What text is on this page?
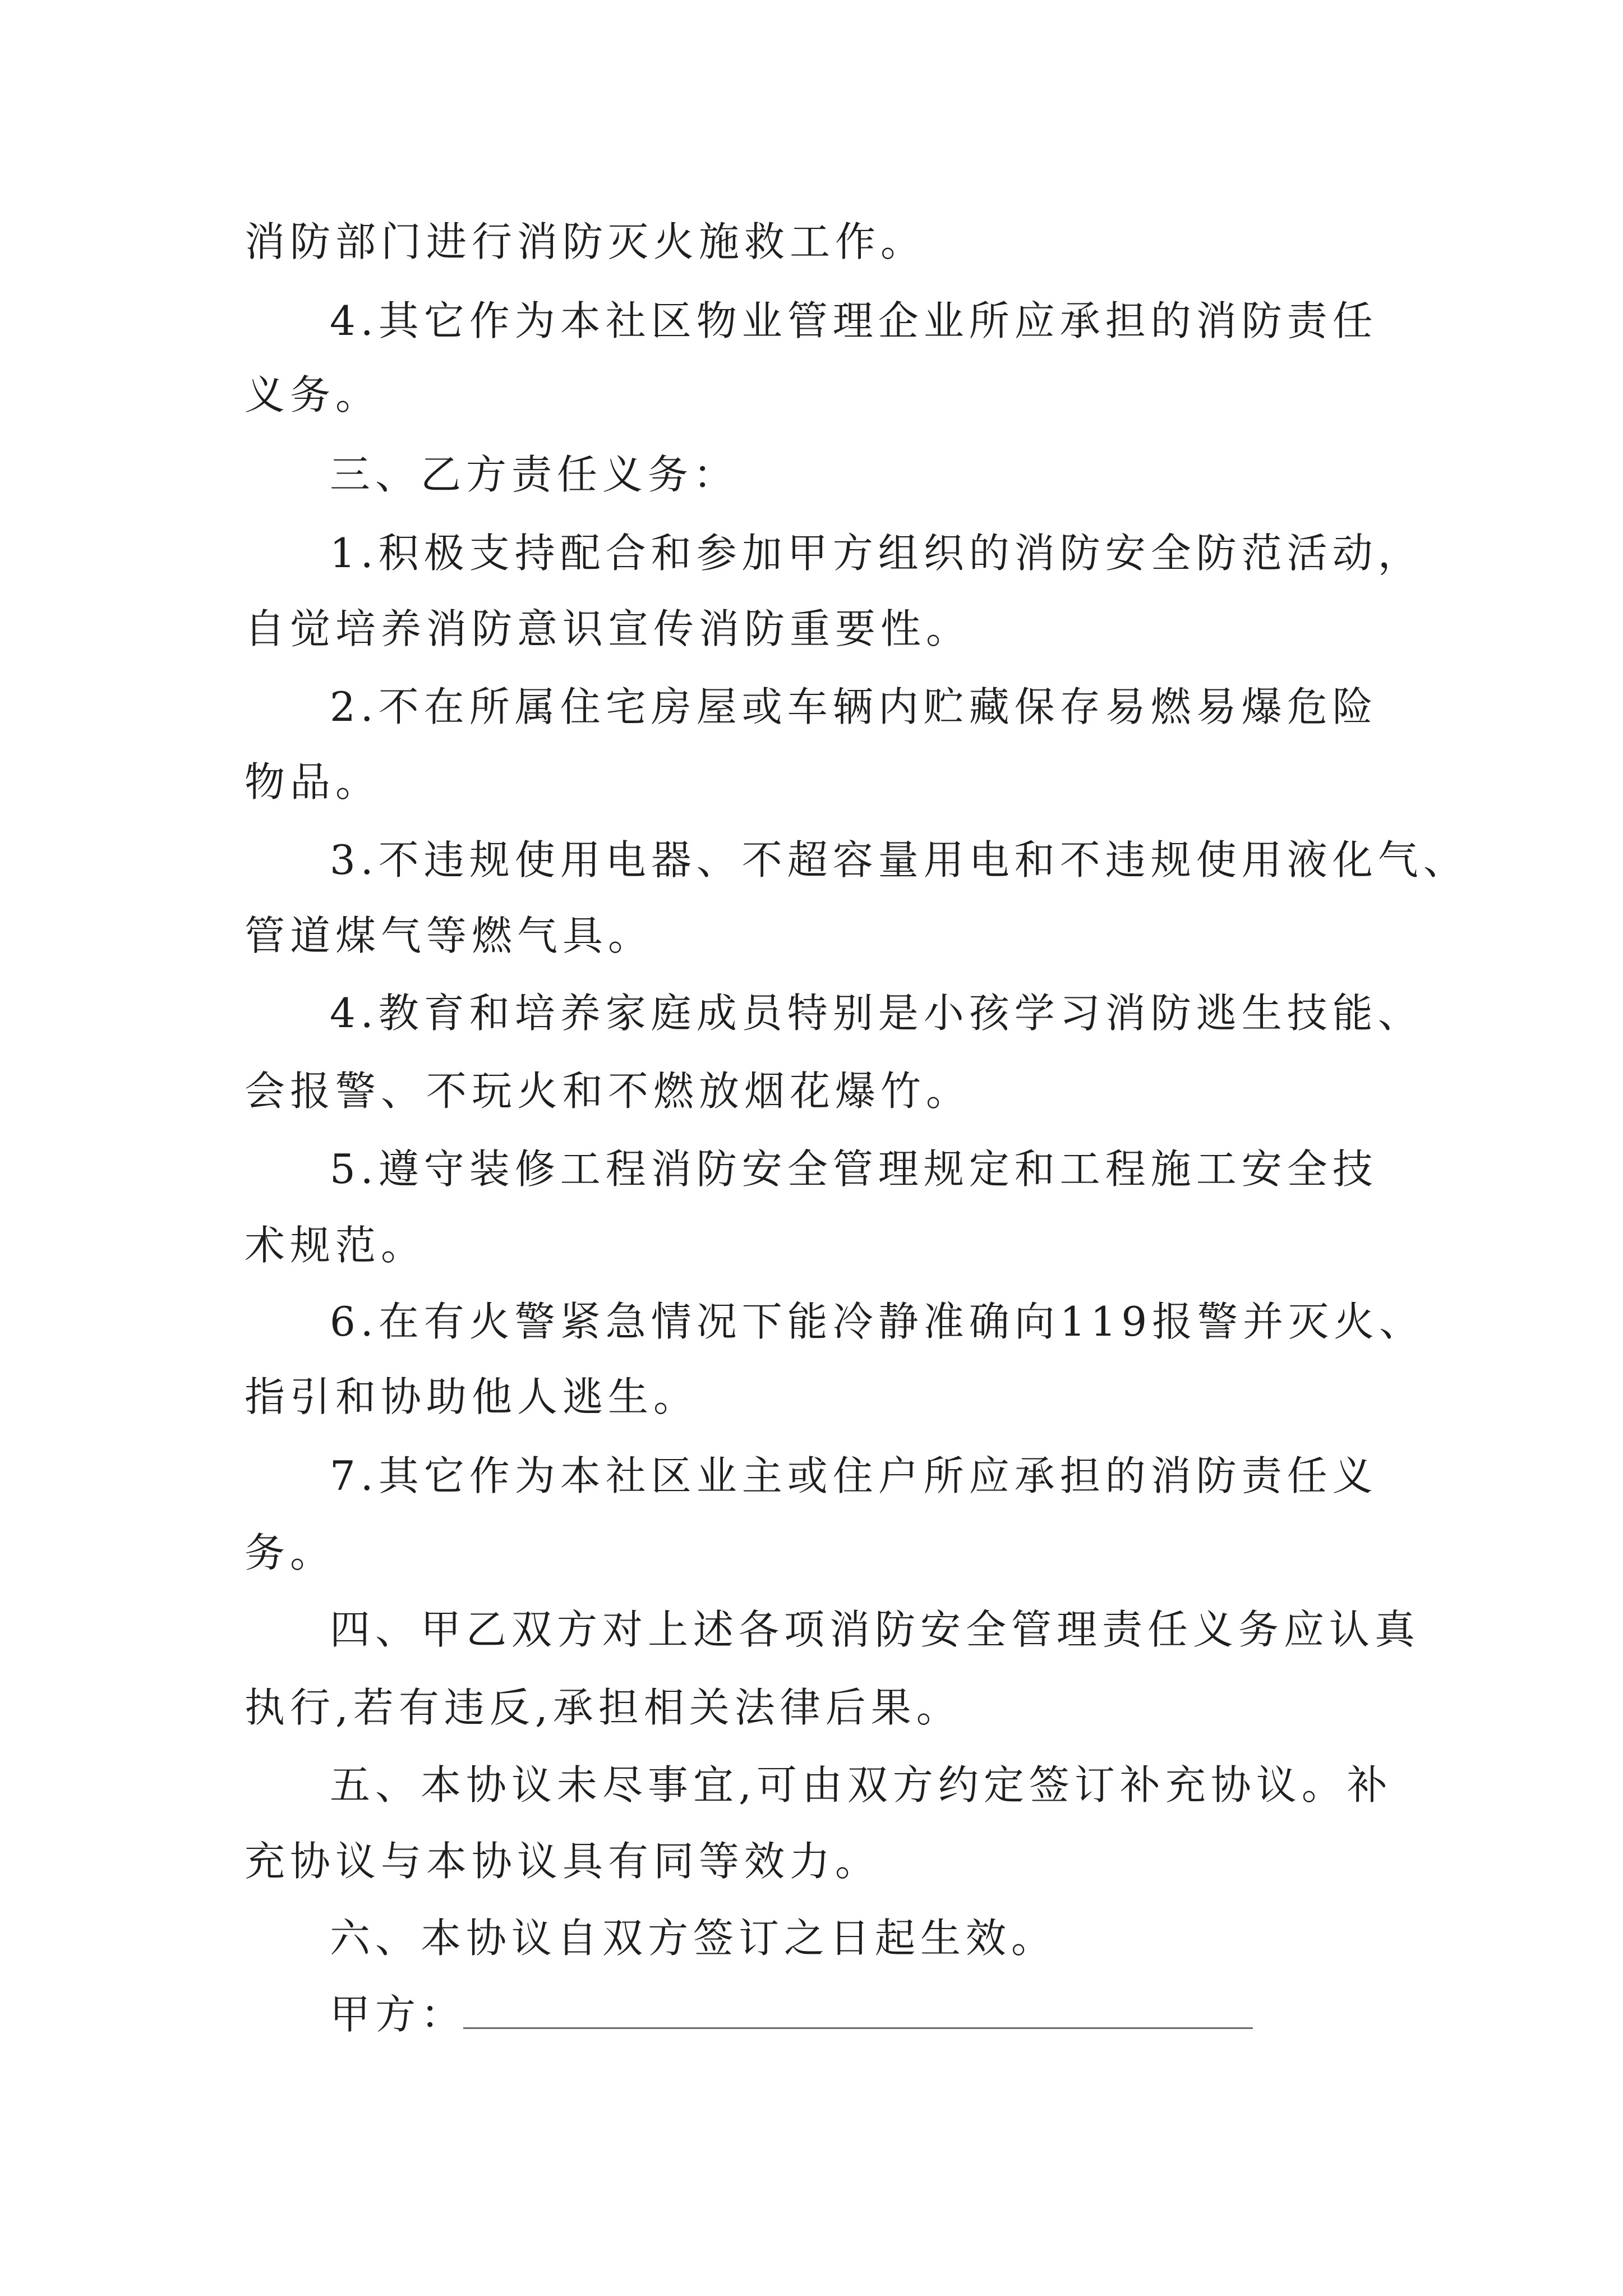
消防部门进行消防灭火施救工作。
4.其它作为本社区物业管理企业所应承担的消防责任
义务。
三、乙方责任义务：
1.积极支持配合和参加甲方组织的消防安全防范活动，
自觉培养消防意识宣传消防重要性。
2.不在所属住宅房屋或车辆内贮藏保存易燃易爆危险
物品。
3.不违规使用电器、不超容量用电和不违规使用液化气、
管道煤气等燃气具。
4.教育和培养家庭成员特别是小孩学习消防逃生技能、
会报警、不玩火和不燃放烟花爆竹。
5.遵守装修工程消防安全管理规定和工程施工安全技
术规范。
6.在有火警紧急情况下能冷静准确向119报警并灭火、
指引和协助他人逃生。
7.其它作为本社区业主或住户所应承担的消防责任义
务。
四、甲乙双方对上述各项消防安全管理责任义务应认真
执行,若有违反,承担相关法律后果。
五、本协议未尽事宜,可由双方约定签订补充协议。补
充协议与本协议具有同等效力。
六、本协议自双方签订之日起生效。
甲方：
